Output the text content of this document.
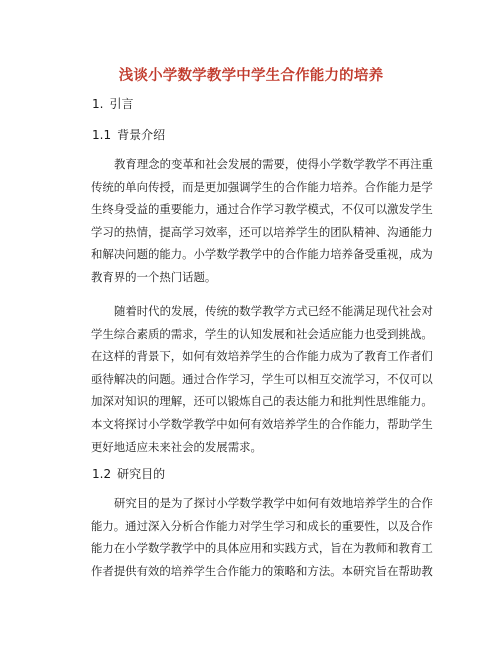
浅谈小学数学教学中学生合作能力的培养
1. 引言
1.1 背景介绍
教育理念的变革和社会发展的需要，使得小学数学教学不再注重
传统的单向传授，而是更加强调学生的合作能力培养。合作能力是学
生终身受益的重要能力，通过合作学习教学模式，不仅可以激发学生
学习的热情，提高学习效率，还可以培养学生的团队精神、沟通能力
和解决问题的能力。小学数学教学中的合作能力培养备受重视，成为
教育界的一个热门话题。
随着时代的发展，传统的数学教学方式已经不能满足现代社会对
学生综合素质的需求，学生的认知发展和社会适应能力也受到挑战。
在这样的背景下，如何有效培养学生的合作能力成为了教育工作者们
亟待解决的问题。通过合作学习，学生可以相互交流学习，不仅可以
加深对知识的理解，还可以锻炼自己的表达能力和批判性思维能力。
本文将探讨小学数学教学中如何有效培养学生的合作能力，帮助学生
更好地适应未来社会的发展需求。
1.2 研究目的
研究目的是为了探讨小学数学教学中如何有效地培养学生的合作
能力。通过深入分析合作能力对学生学习和成长的重要性，以及合作
能力在小学数学教学中的具体应用和实践方式，旨在为教师和教育工
作者提供有效的培养学生合作能力的策略和方法。本研究旨在帮助教
